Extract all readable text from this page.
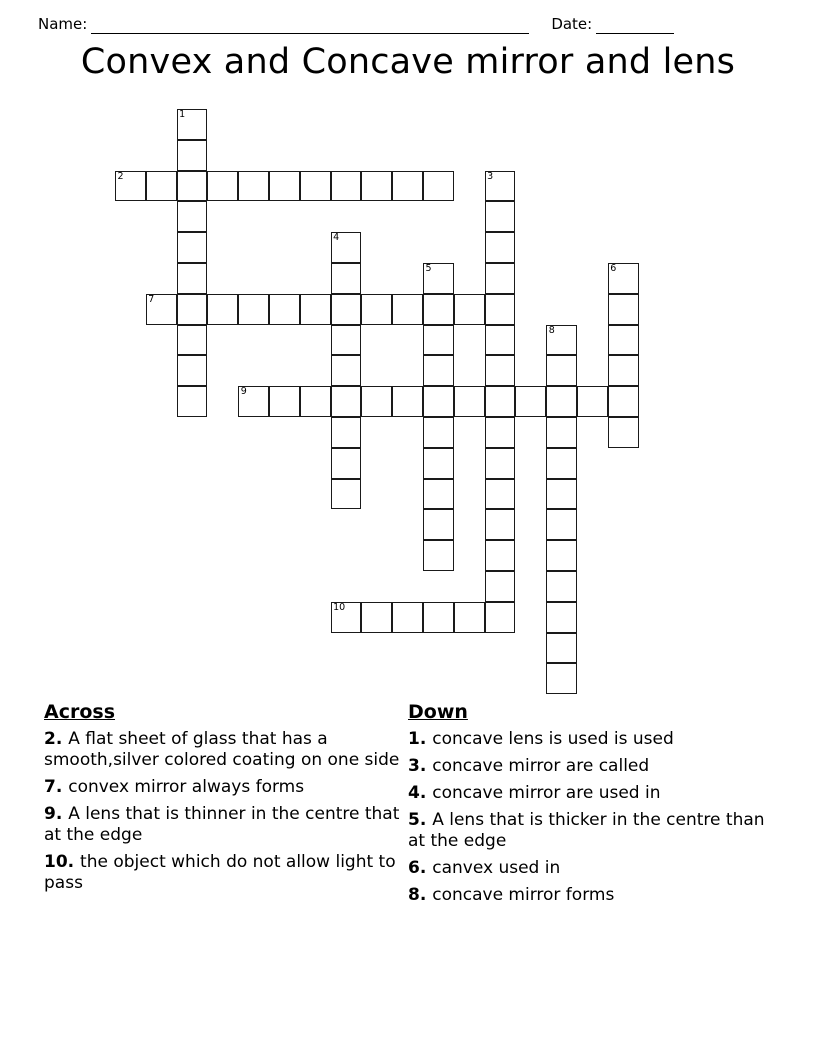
Name:	Date:
Convex and Concave mirror and lens
1
2	3
4
5	6
7
8
9
10
Across
2. A flat sheet of glass that has a smooth,silver colored coating on one side
7. convex mirror always forms
9. A lens that is thinner in the centre that at the edge
10. the object which do not allow light to pass
Down
1. concave lens is used is used
3. concave mirror are called
4. concave mirror are used in
5. A lens that is thicker in the centre than at the edge
6. canvex used in
8. concave mirror forms
